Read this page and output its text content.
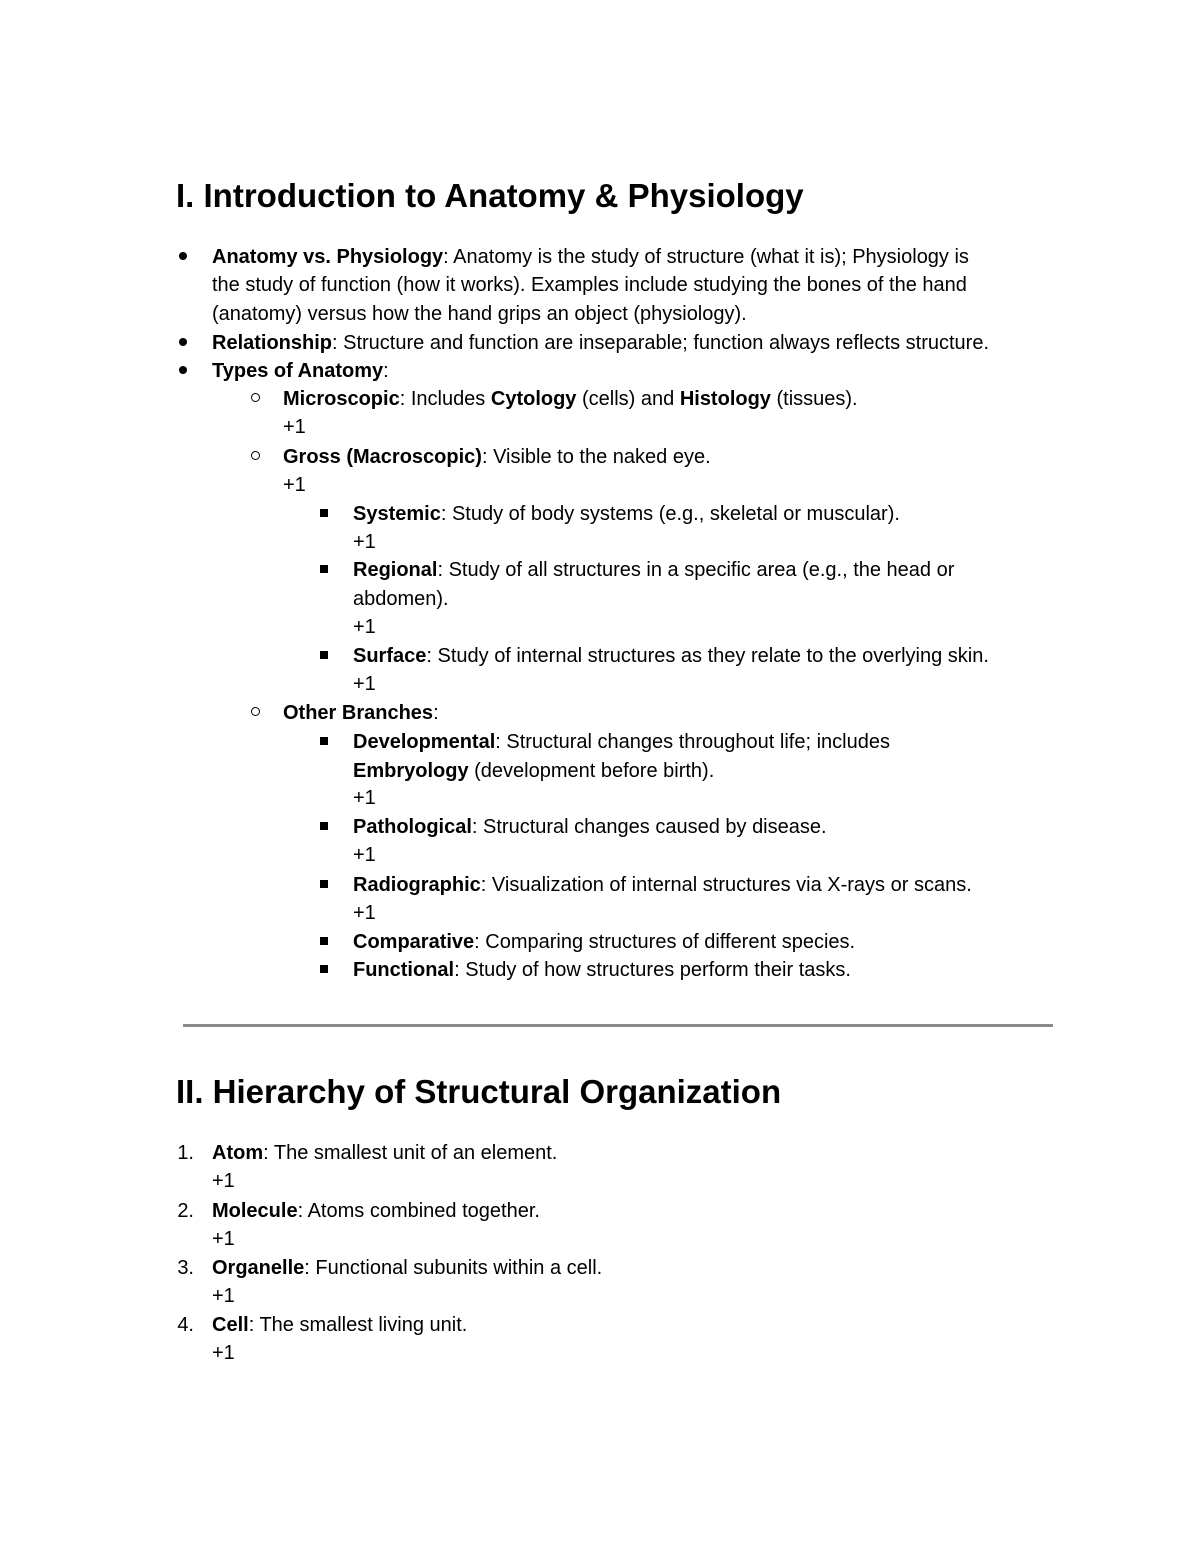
I. Introduction to Anatomy & Physiology
Anatomy vs. Physiology: Anatomy is the study of structure (what it is); Physiology is
the study of function (how it works). Examples include studying the bones of the hand
(anatomy) versus how the hand grips an object (physiology).
Relationship: Structure and function are inseparable; function always reflects structure.
Types of Anatomy:
Microscopic: Includes Cytology (cells) and Histology (tissues).
+1
Gross (Macroscopic): Visible to the naked eye.
+1
Systemic: Study of body systems (e.g., skeletal or muscular).
+1
Regional: Study of all structures in a specific area (e.g., the head or
abdomen).
+1
Surface: Study of internal structures as they relate to the overlying skin.
+1
Other Branches:
Developmental: Structural changes throughout life; includes
Embryology (development before birth).
+1
Pathological: Structural changes caused by disease.
+1
Radiographic: Visualization of internal structures via X-rays or scans.
+1
Comparative: Comparing structures of different species.
Functional: Study of how structures perform their tasks.
II. Hierarchy of Structural Organization
1. Atom: The smallest unit of an element.
+1
2. Molecule: Atoms combined together.
+1
3. Organelle: Functional subunits within a cell.
+1
4. Cell: The smallest living unit.
+1
